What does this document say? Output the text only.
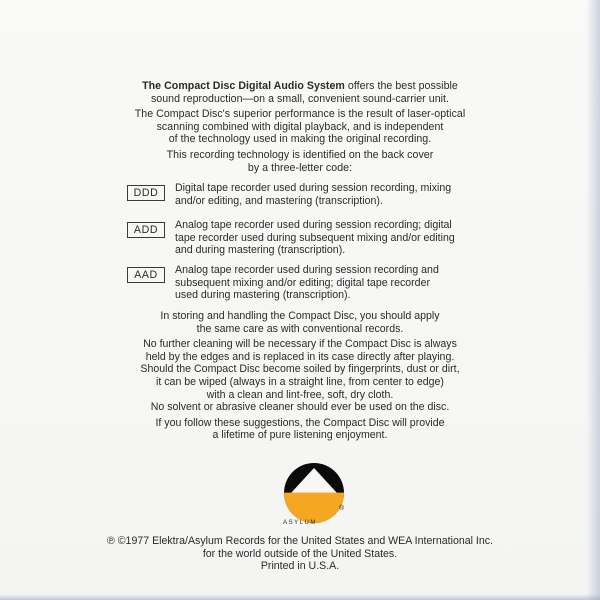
The Compact Disc Digital Audio System offers the best possible
sound reproduction—on a small, convenient sound-carrier unit.

The Compact Disc's superior performance is the result of laser-optical
scanning combined with digital playback, and is independent
of the technology used in making the original recording.

This recording technology is identified on the back cover
by a three-letter code:

DDD	Digital tape recorder used during session recording, mixing
and/or editing, and mastering (transcription).
ADD	Analog tape recorder used during session recording; digital
tape recorder used during subsequent mixing and/or editing
and during mastering (transcription).
AAD	Analog tape recorder used during session recording and
subsequent mixing and/or editing; digital tape recorder
used during mastering (transcription).

In storing and handling the Compact Disc, you should apply
the same care as with conventional records.

No further cleaning will be necessary if the Compact Disc is always
held by the edges and is replaced in its case directly after playing.
Should the Compact Disc become soiled by fingerprints, dust or dirt,
it can be wiped (always in a straight line, from center to edge)
with a clean and lint-free, soft, dry cloth.
No solvent or abrasive cleaner should ever be used on the disc.

If you follow these suggestions, the Compact Disc will provide
a lifetime of pure listening enjoyment.

ASYLUM
®

℗ ©1977 Elektra/Asylum Records for the United States and WEA International Inc.

for the world outside of the United States.

Printed in U.S.A.
